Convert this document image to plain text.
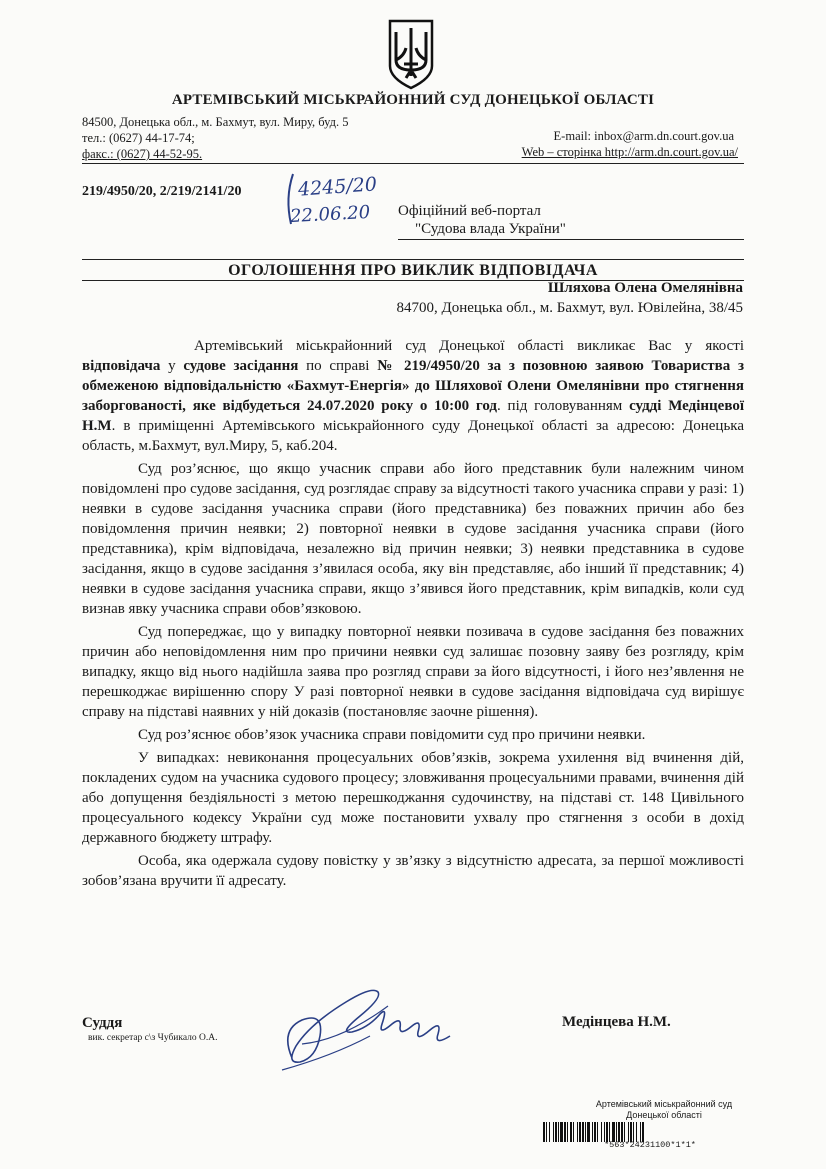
АРТЕМІВСЬКИЙ МІСЬКРАЙОННИЙ СУД ДОНЕЦЬКОЇ ОБЛАСТІ
84500, Донецька обл., м. Бахмут, вул. Миру, буд. 5
тел.: (0627) 44-17-74;
факс.: (0627) 44-52-95.
E-mail: inbox@arm.dn.court.gov.ua
Web – сторінка http://arm.dn.court.gov.ua/
219/4950/20, 2/219/2141/20	4245/20
22.06.20 Офіційний веб-портал
"Судова влада України"
ОГОЛОШЕННЯ ПРО ВИКЛИК ВІДПОВІДАЧА
Шляхова Олена Омелянівна
84700, Донецька обл., м. Бахмут, вул. Ювілейна, 38/45

Артемівський міськрайонний суд Донецької області викликає Вас у якості відповідача у судове засідання по справі № 219/4950/20 за з позовною заявою Товариства з обмеженою відповідальністю «Бахмут-Енергія» до Шляхової Олени Омелянівни про стягнення заборгованості, яке відбудеться 24.07.2020 року о 10:00 год. під головуванням судді Медінцевої Н.М. в приміщенні Артемівського міськрайонного суду Донецької області за адресою: Донецька область, м.Бахмут, вул.Миру, 5, каб.204.

Суд роз’яснює, що якщо учасник справи або його представник були належним чином повідомлені про судове засідання, суд розглядає справу за відсутності такого учасника справи у разі: 1) неявки в судове засідання учасника справи (його представника) без поважних причин або без повідомлення причин неявки; 2) повторної неявки в судове засідання учасника справи (його представника), крім відповідача, незалежно від причин неявки; 3) неявки представника в судове засідання, якщо в судове засідання з’явилася особа, яку він представляє, або інший її представник; 4) неявки в судове засідання учасника справи, якщо з’явився його представник, крім випадків, коли суд визнав явку учасника справи обов’язковою.

Суд попереджає, що у випадку повторної неявки позивача в судове засідання без поважних причин або неповідомлення ним про причини неявки суд залишає позовну заяву без розгляду, крім випадку, якщо від нього надійшла заява про розгляд справи за його відсутності, і його нез’явлення не перешкоджає вирішенню спору У разі повторної неявки в судове засідання відповідача суд вирішує справу на підставі наявних у ній доказів (постановляє заочне рішення).

Суд роз’яснює обов’язок учасника справи повідомити суд про причини неявки.

У випадках: невиконання процесуальних обов’язків, зокрема ухилення від вчинення дій, покладених судом на учасника судового процесу; зловживання процесуальними правами, вчинення дій або допущення бездіяльності з метою перешкоджання судочинству, на підставі ст. 148 Цивільного процесуального кодексу України суд може постановити ухвалу про стягнення з особи в дохід державного бюджету штрафу.

Особа, яка одержала судову повістку у зв’язку з відсутністю адресата, за першої можливості зобов’язана вручити її адресату.

Суддя
вик. секретар с\з Чубикало О.А.
Медінцева Н.М.
Артемівський міськрайонний суд
Донецької області
*563*24231100*1*1*
